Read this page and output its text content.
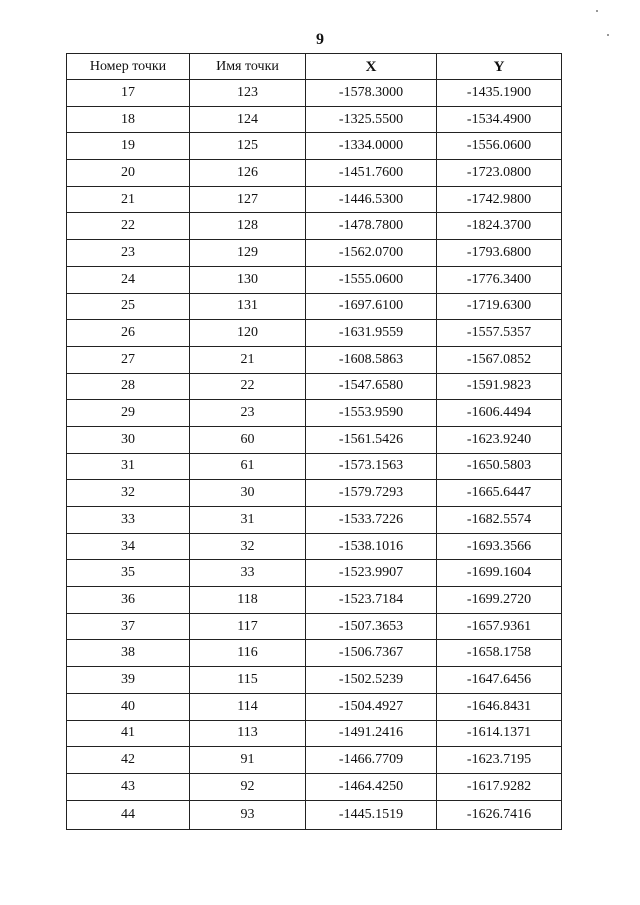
9
Номер точки	Имя точки	X	Y
17	123	-1578.3000	-1435.1900
18	124	-1325.5500	-1534.4900
19	125	-1334.0000	-1556.0600
20	126	-1451.7600	-1723.0800
21	127	-1446.5300	-1742.9800
22	128	-1478.7800	-1824.3700
23	129	-1562.0700	-1793.6800
24	130	-1555.0600	-1776.3400
25	131	-1697.6100	-1719.6300
26	120	-1631.9559	-1557.5357
27	21	-1608.5863	-1567.0852
28	22	-1547.6580	-1591.9823
29	23	-1553.9590	-1606.4494
30	60	-1561.5426	-1623.9240
31	61	-1573.1563	-1650.5803
32	30	-1579.7293	-1665.6447
33	31	-1533.7226	-1682.5574
34	32	-1538.1016	-1693.3566
35	33	-1523.9907	-1699.1604
36	118	-1523.7184	-1699.2720
37	117	-1507.3653	-1657.9361
38	116	-1506.7367	-1658.1758
39	115	-1502.5239	-1647.6456
40	114	-1504.4927	-1646.8431
41	113	-1491.2416	-1614.1371
42	91	-1466.7709	-1623.7195
43	92	-1464.4250	-1617.9282
44	93	-1445.1519	-1626.7416
